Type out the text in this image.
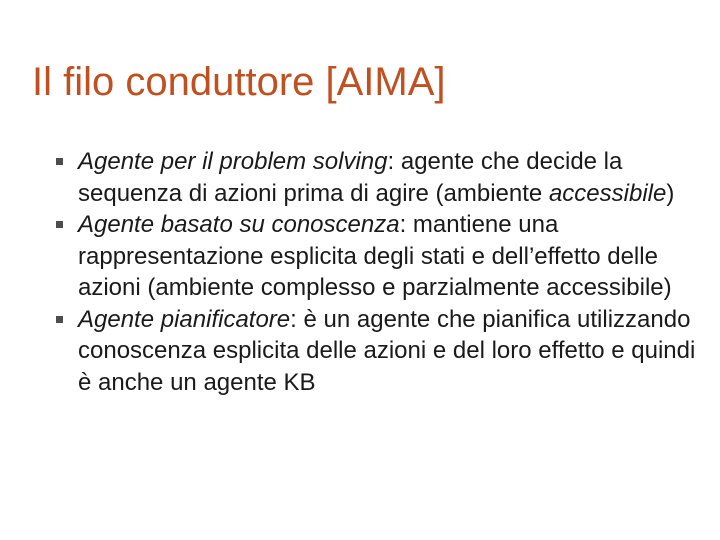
Il filo conduttore [AIMA]
Agente per il problem solving: agente che decide la sequenza di azioni prima di agire (ambiente accessibile)
Agente basato su conoscenza: mantiene una rappresentazione esplicita degli stati e dell’effetto delle azioni (ambiente complesso e parzialmente accessibile)
Agente pianificatore: è un agente che pianifica utilizzando conoscenza esplicita delle azioni e del loro effetto e quindi è anche un agente KB
